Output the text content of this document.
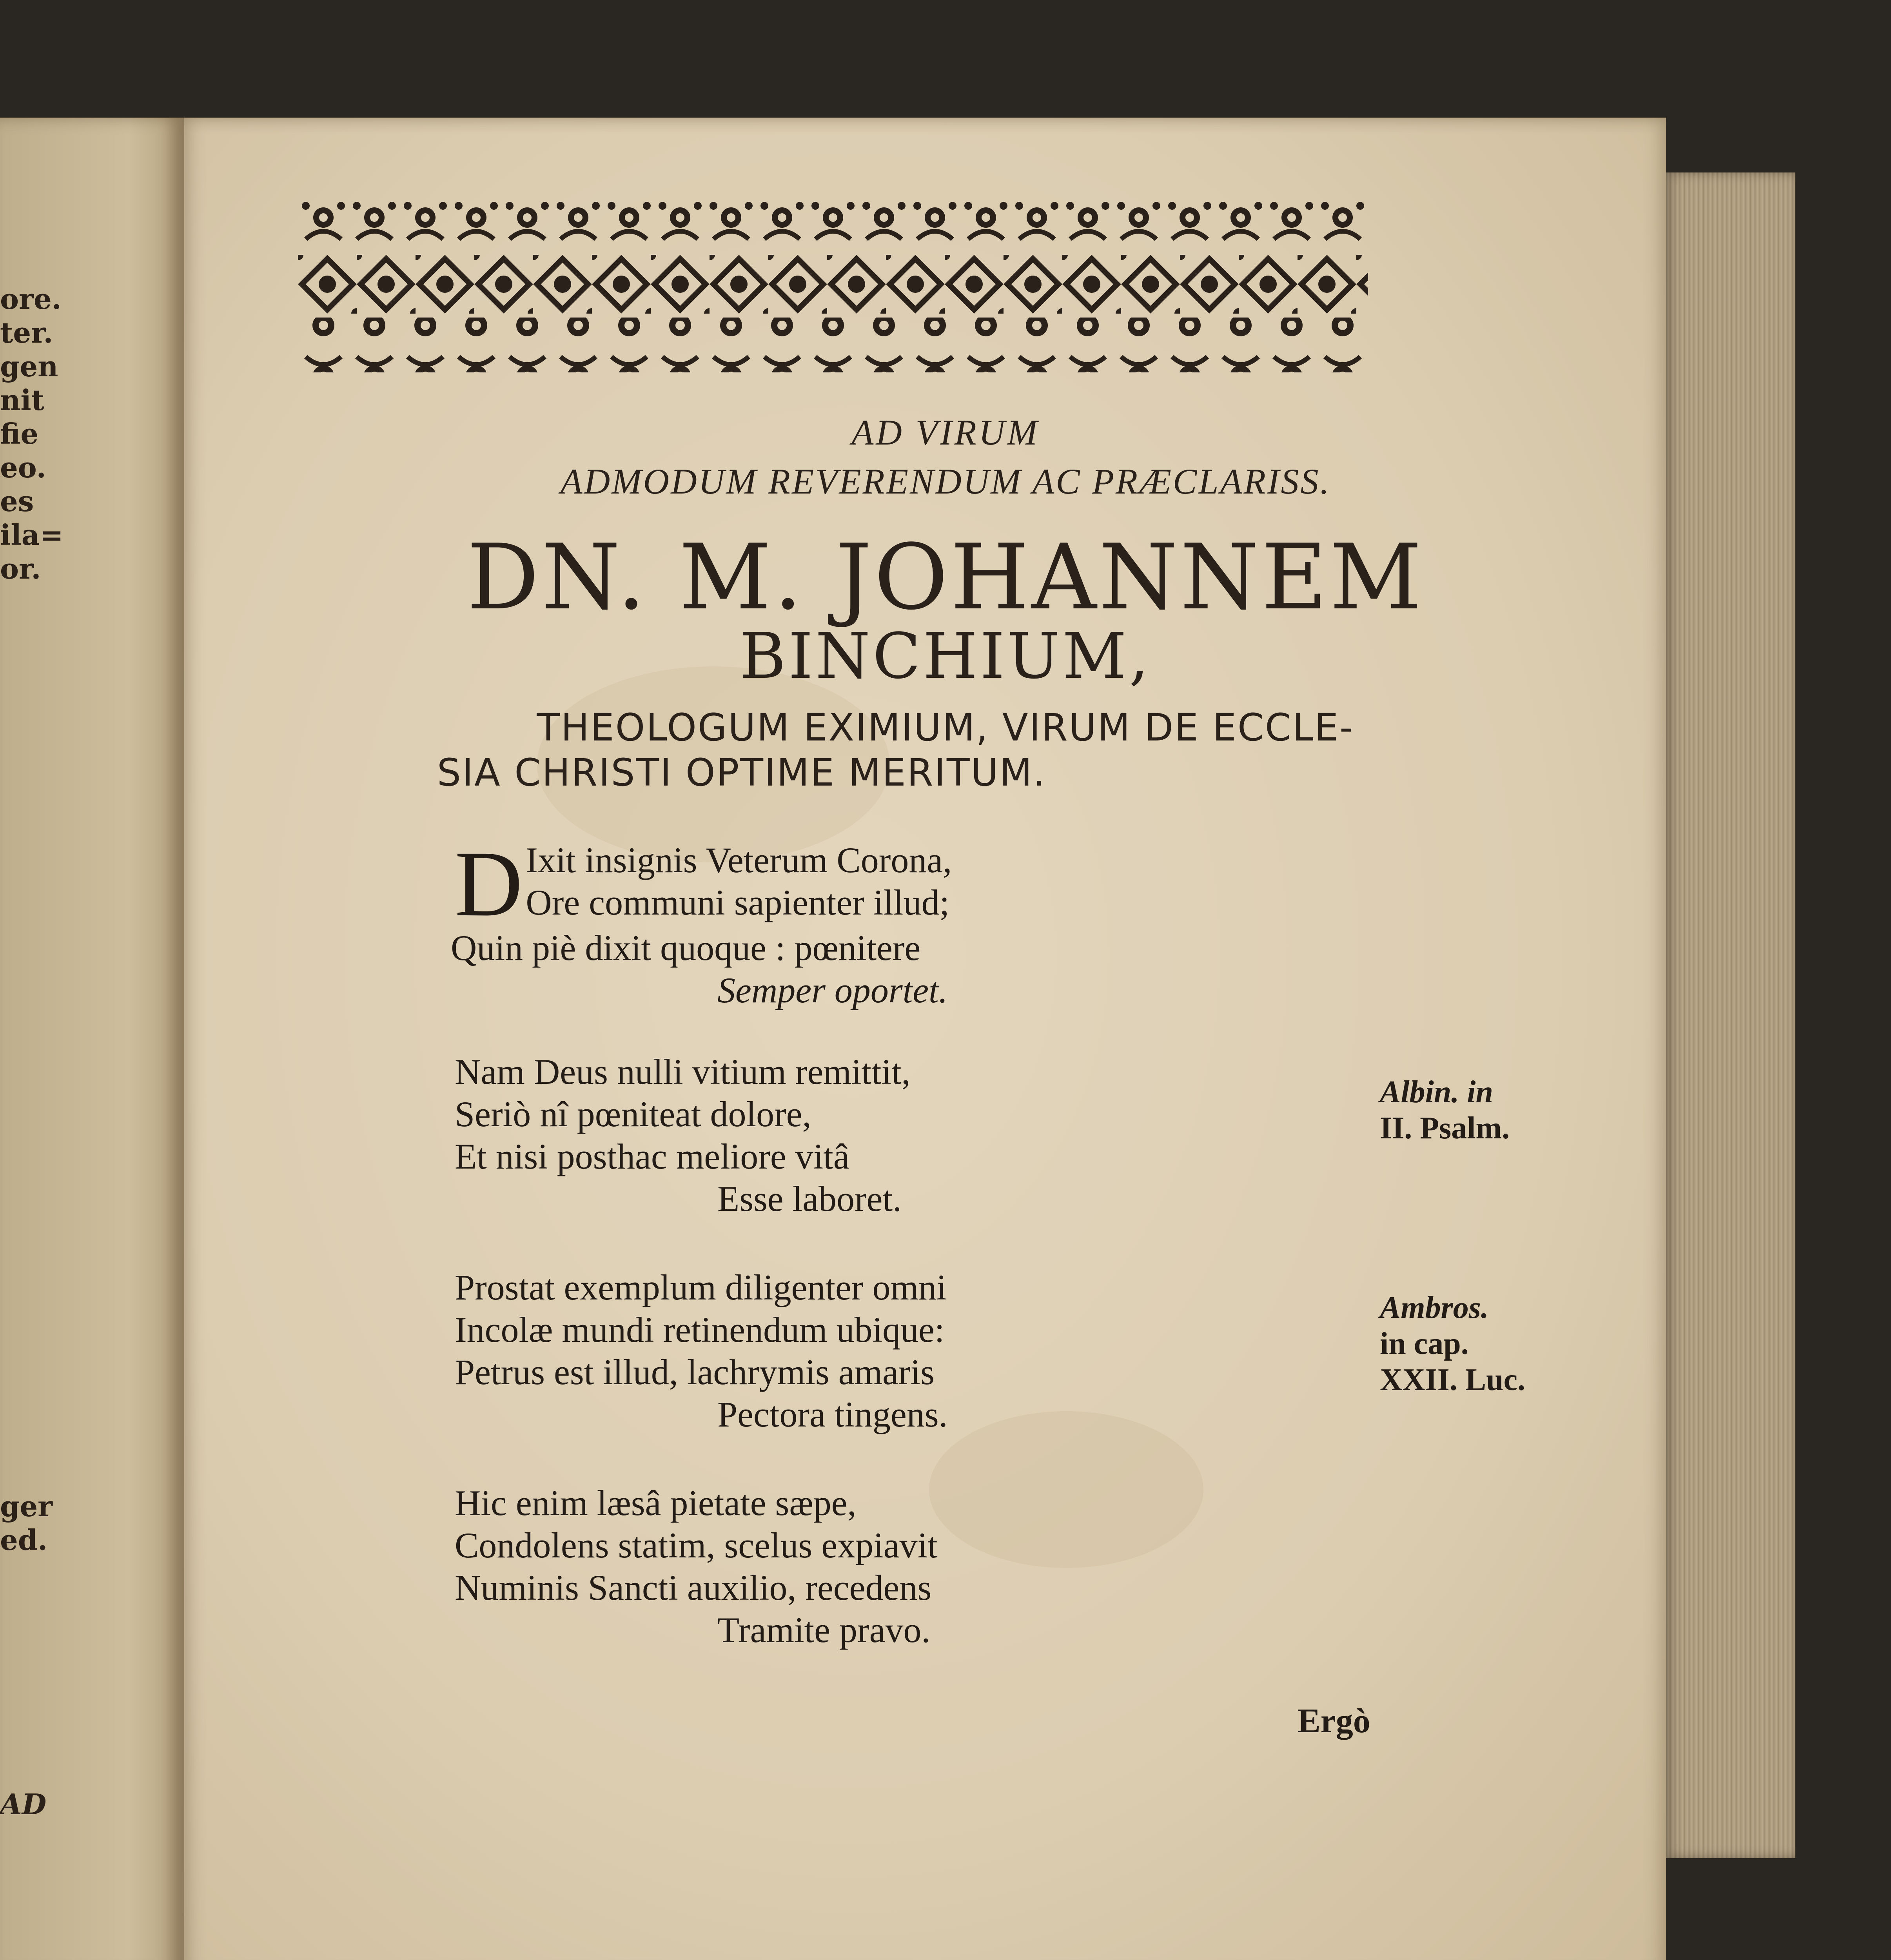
ore.
ter.
gen
nit
fie
eo.
es
ila=
or.
ger
ed.
AD
AD VIRUM
ADMODUM REVERENDUM AC PRÆCLARISS.
DN. M. JOHANNEM
BINCHIUM,
THEOLOGUM EXIMIUM, VIRUM DE ECCLE-
SIA CHRISTI OPTIME MERITUM.
D Ixit insignis Veterum Corona,
Ore communi sapienter illud;
Quin piè dixit quoque : pœnitere
Semper oportet.
Nam Deus nulli vitium remittit,
Seriò nî pœniteat dolore,
Et nisi posthac meliore vitâ
Esse laboret.
Prostat exemplum diligenter omni
Incolæ mundi retinendum ubique:
Petrus est illud, lachrymis amaris
Pectora tingens.
Hic enim læsâ pietate sæpe,
Condolens statim, scelus expiavit
Numinis Sancti auxilio, recedens
Tramite pravo.
Albin. in
II. Psalm.
Ambros.
in cap.
XXII. Luc.
Ergò
